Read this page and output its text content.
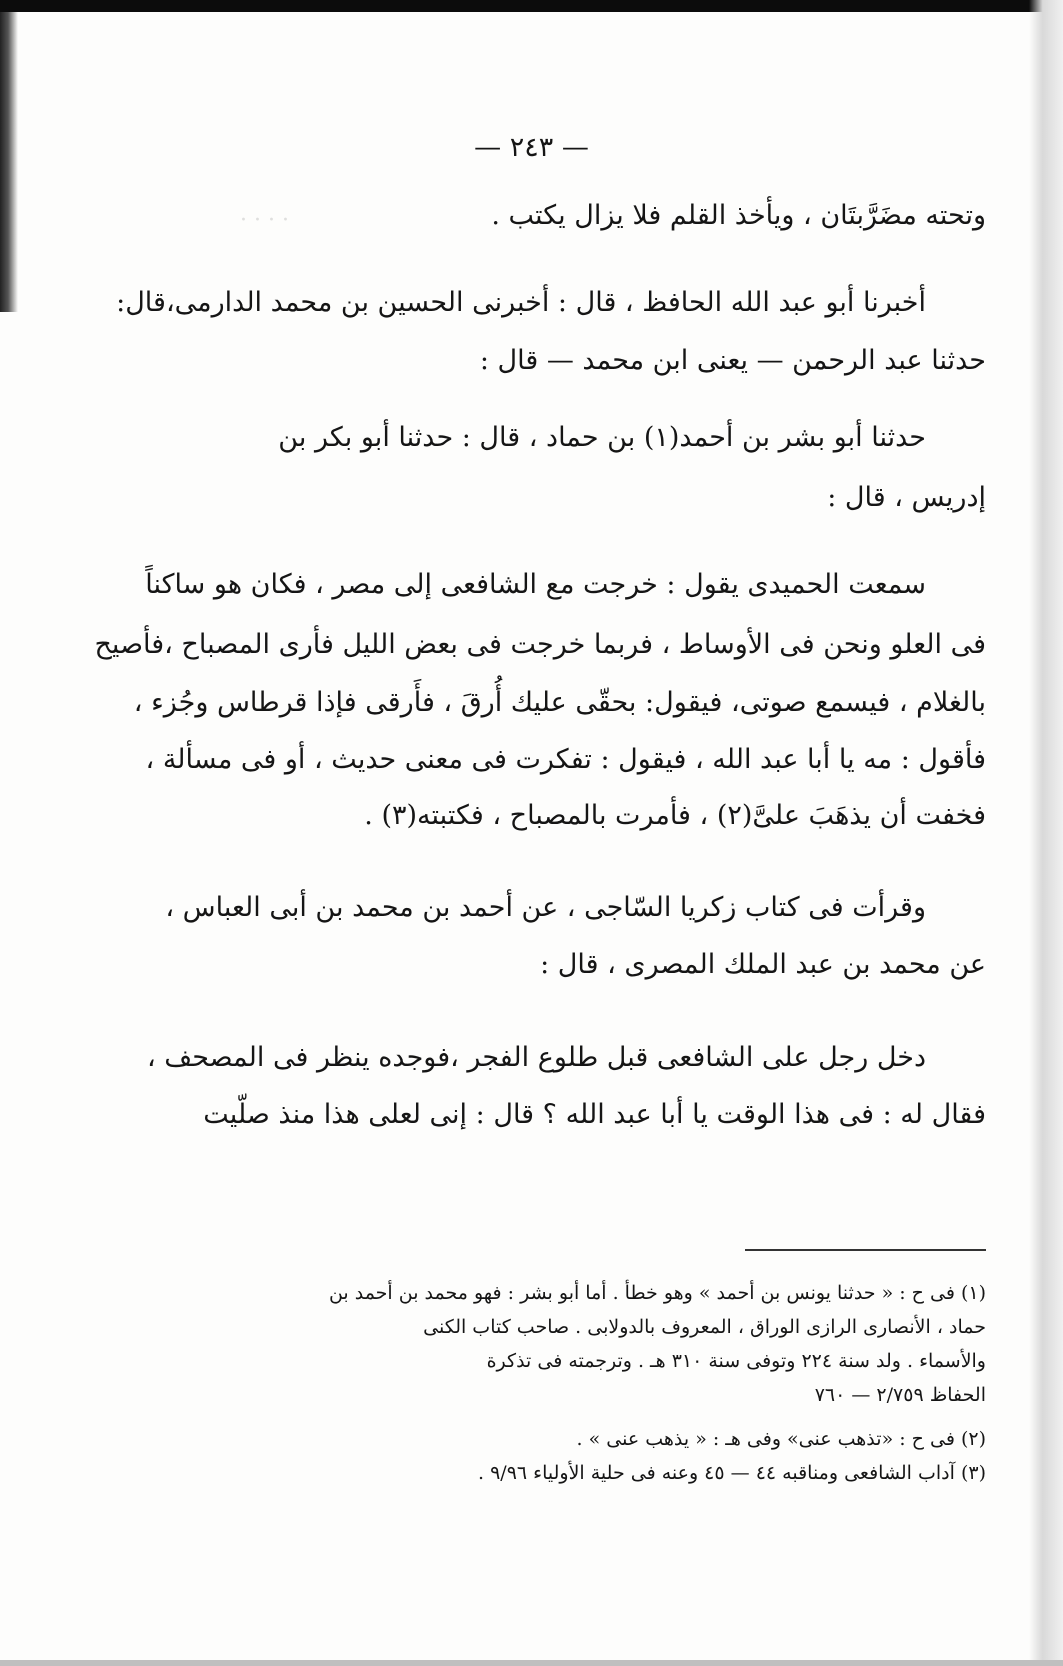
· · · ·
— ٢٤٣ —
وتحته مضَرَّبتَان ، ويأخذ القلم فلا يزال يكتب .
أخبرنا أبو عبد الله الحافظ ، قال : أخبرنى الحسين بن محمد الدارمى،قال:
حدثنا عبد الرحمن — يعنى ابن محمد — قال :
حدثنا أبو بشر بن أحمد(١) بن حماد ، قال : حدثنا أبو بكر بن
إدريس ، قال :
سمعت الحميدى يقول : خرجت مع الشافعى إلى مصر ، فكان هو ساكناً
فى العلو ونحن فى الأوساط ، فربما خرجت فى بعض الليل فأرى المصباح ،فأصيح
بالغلام ، فيسمع صوتى، فيقول: بحقّى عليك أُرقَ ، فأَرقى فإذا قرطاس وجُزء ،
فأقول : مه يا أبا عبد الله ، فيقول : تفكرت فى معنى حديث ، أو فى مسألة ،
فخفت أن يذهَبَ علىَّ(٢) ، فأمرت بالمصباح ، فكتبته(٣) .
وقرأت فى كتاب زكريا السّاجى ، عن أحمد بن محمد بن أبى العباس ،
عن محمد بن عبد الملك المصرى ، قال :
دخل رجل على الشافعى قبل طلوع الفجر ،فوجده ينظر فى المصحف ،
فقال له : فى هذا الوقت يا أبا عبد الله ؟ قال : إنى لعلى هذا منذ صلّيت
(١) فى ح : « حدثنا يونس بن أحمد » وهو خطأ . أما أبو بشر : فهو محمد بن أحمد بن
حماد ، الأنصارى الرازى الوراق ، المعروف بالدولابى . صاحب كتاب الكنى
والأسماء . ولد سنة ٢٢٤ وتوفى سنة ٣١٠ هـ . وترجمته فى تذكرة
الحفاظ ٢/٧٥٩ — ٧٦٠
(٢) فى ح : «تذهب عنى» وفى هـ : « يذهب عنى » .
(٣) آداب الشافعى ومناقبه ٤٤ — ٤٥ وعنه فى حلية الأولياء ٩/٩٦ .
